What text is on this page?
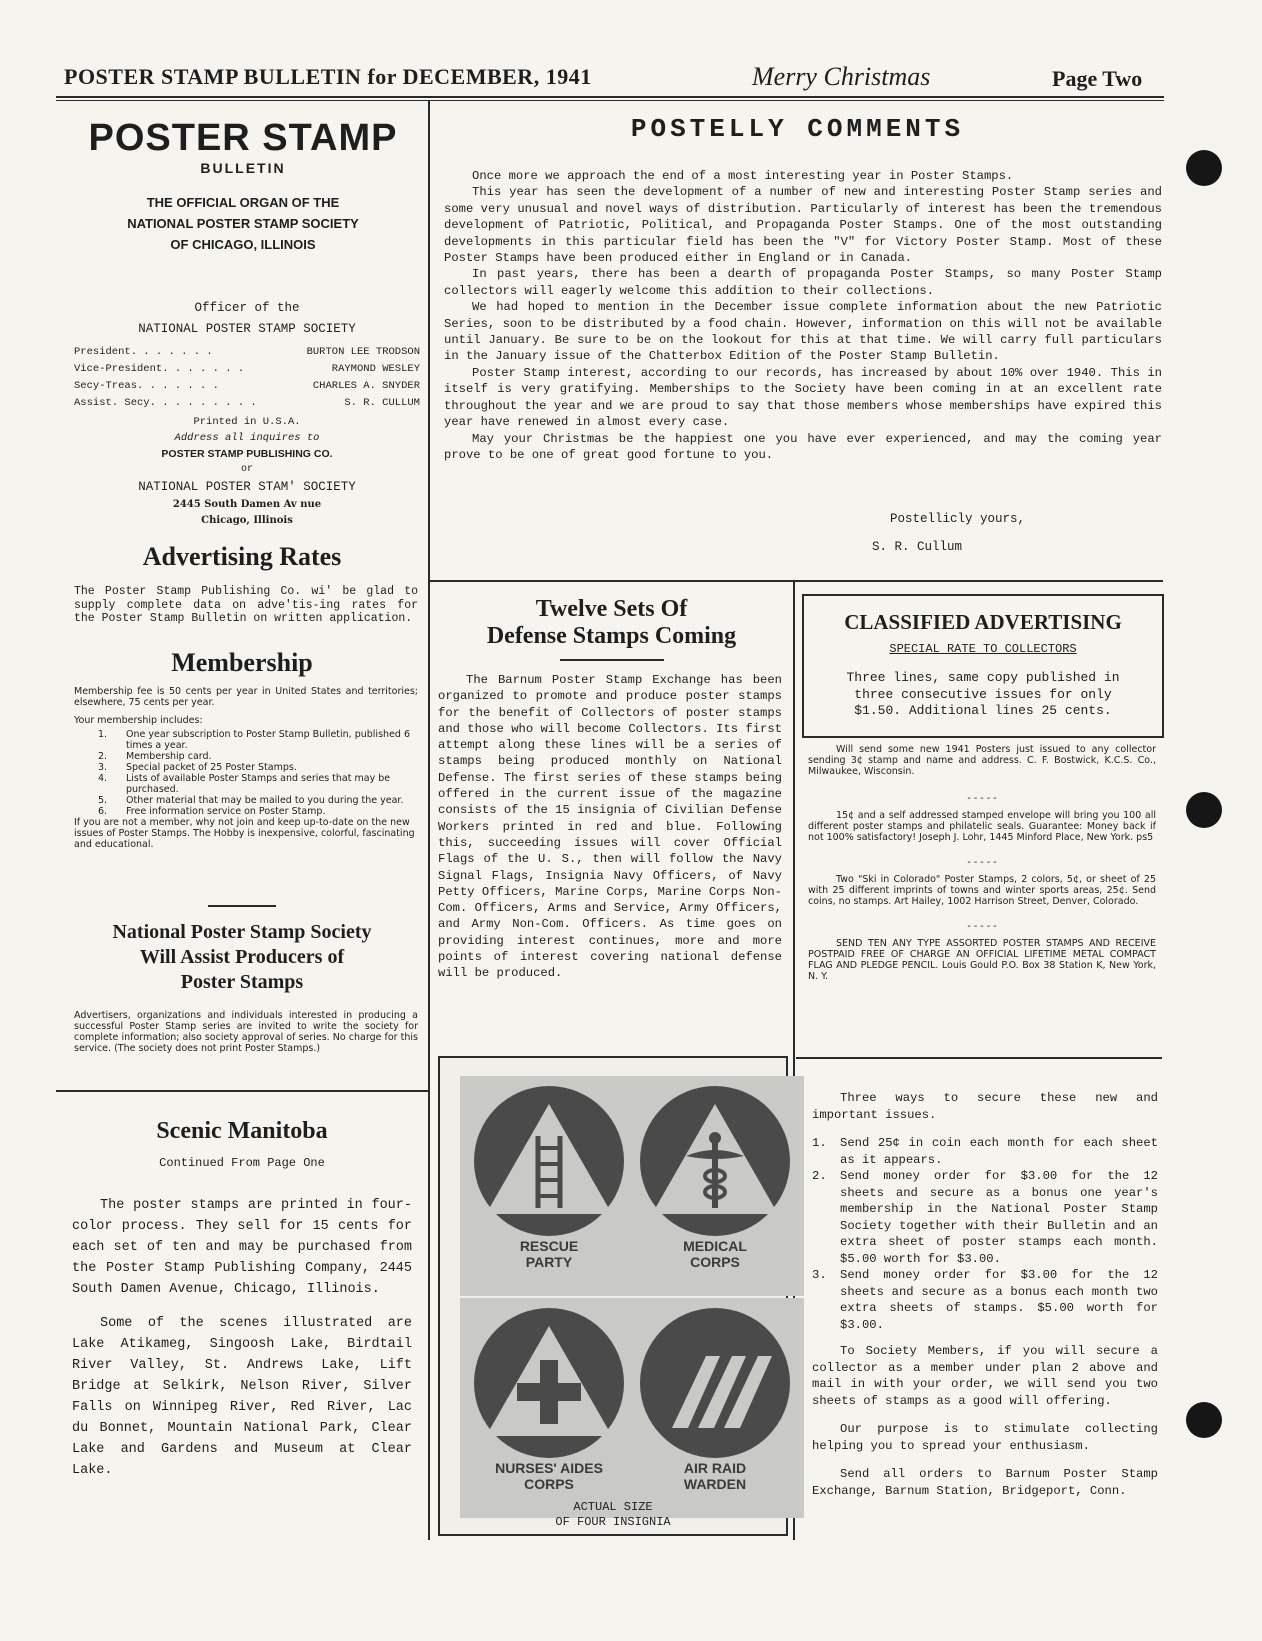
POSTER STAMP BULLETIN for DECEMBER, 1941	Merry Christmas	Page Two
POSTER STAMP
BULLETIN
THE OFFICIAL ORGAN OF THE
NATIONAL POSTER STAMP SOCIETY
OF CHICAGO, ILLINOIS
Officer of the
NATIONAL POSTER STAMP SOCIETY
President. . . . . . .	BURTON LEE TRODSON
Vice-President. . . . . . .	RAYMOND WESLEY
Secy-Treas. . . . . . .	CHARLES A. SNYDER
Assist. Secy. . . . . . . . .	S. R. CULLUM
Printed in U.S.A.
Address all inquires to
POSTER STAMP PUBLISHING CO.
or
NATIONAL POSTER STAM' SOCIETY
2445 South Damen Av nue
Chicago, Illinois
Advertising Rates
The Poster Stamp Publishing Co. wi' be glad to supply complete data on adve'tis-ing rates for the Poster Stamp Bulletin on written application.
Membership

Membership fee is 50 cents per year in United States and territories; elsewhere, 75 cents per year.

Your membership includes:

1.	One year subscription to Poster Stamp Bulletin, published 6 times a year.
2.	Membership card.
3.	Special packet of 25 Poster Stamps.
4.	Lists of available Poster Stamps and series that may be purchased.
5.	Other material that may be mailed to you during the year.
6.	Free information service on Poster Stamp.

If you are not a member, why not join and keep up-to-date on the new issues of Poster Stamps. The Hobby is inexpensive, colorful, fascinating and educational.

National Poster Stamp Society
Will Assist Producers of
Poster Stamps
Advertisers, organizations and individuals interested in producing a successful Poster Stamp series are invited to write the society for complete information; also society approval of series. No charge for this service. (The society does not print Poster Stamps.)
Scenic Manitoba
Continued From Page One

The poster stamps are printed in four-color process. They sell for 15 cents for each set of ten and may be purchased from the Poster Stamp Publishing Company, 2445 South Damen Avenue, Chicago, Illinois.

Some of the scenes illustrated are Lake Atikameg, Singoosh Lake, Birdtail River Valley, St. Andrews Lake, Lift Bridge at Selkirk, Nelson River, Silver Falls on Winnipeg River, Red River, Lac du Bonnet, Mountain National Park, Clear Lake and Gardens and Museum at Clear Lake.

POSTELLY COMMENTS

Once more we approach the end of a most interesting year in Poster Stamps.

This year has seen the development of a number of new and interesting Poster Stamp series and some very unusual and novel ways of distribution. Particularly of interest has been the tremendous development of Patriotic, Political, and Propaganda Poster Stamps. One of the most outstanding developments in this particular field has been the "V" for Victory Poster Stamp. Most of these Poster Stamps have been produced either in England or in Canada.

In past years, there has been a dearth of propaganda Poster Stamps, so many Poster Stamp collectors will eagerly welcome this addition to their collections.

We had hoped to mention in the December issue complete information about the new Patriotic Series, soon to be distributed by a food chain. However, information on this will not be available until January. Be sure to be on the lookout for this at that time. We will carry full particulars in the January issue of the Chatterbox Edition of the Poster Stamp Bulletin.

Poster Stamp interest, according to our records, has increased by about 10% over 1940. This in itself is very gratifying. Memberships to the Society have been coming in at an excellent rate throughout the year and we are proud to say that those members whose memberships have expired this year have renewed in almost every case.

May your Christmas be the happiest one you have ever experienced, and may the coming year prove to be one of great good fortune to you.

Postellicly yours,
S. R. Cullum
Twelve Sets Of
Defense Stamps Coming
The Barnum Poster Stamp Exchange has been organized to promote and produce poster stamps for the benefit of Collectors of poster stamps and those who will become Collectors. Its first attempt along these lines will be a series of stamps being produced monthly on National Defense. The first series of these stamps being offered in the current issue of the magazine consists of the 15 insignia of Civilian Defense Workers printed in red and blue. Following this, succeeding issues will cover Official Flags of the U. S., then will follow the Navy Signal Flags, Insignia Navy Officers, of Navy Petty Officers, Marine Corps, Marine Corps Non-Com. Officers, Arms and Service, Army Officers, and Army Non-Com. Officers. As time goes on providing interest continues, more and more points of interest covering national defense will be produced.
RESCUE
PARTY
MEDICAL
CORPS
NURSES' AIDES
CORPS
AIR RAID
WARDEN
ACTUAL SIZE
OF FOUR INSIGNIA
CLASSIFIED ADVERTISING
SPECIAL RATE TO COLLECTORS
Three lines, same copy published in three consecutive issues for only $1.50. Additional lines 25 cents.

Will send some new 1941 Posters just issued to any collector sending 3¢ stamp and name and address. C. F. Bostwick, K.C.S. Co., Milwaukee, Wisconsin.

- - - - -

15¢ and a self addressed stamped envelope will bring you 100 all different poster stamps and philatelic seals. Guarantee: Money back if not 100% satisfactory! Joseph J. Lohr, 1445 Minford Place, New York. ps5

- - - - -

Two "Ski in Colorado" Poster Stamps, 2 colors, 5¢, or sheet of 25 with 25 different imprints of towns and winter sports areas, 25¢. Send coins, no stamps. Art Hailey, 1002 Harrison Street, Denver, Colorado.

- - - - -

SEND TEN ANY TYPE ASSORTED POSTER STAMPS AND RECEIVE POSTPAID FREE OF CHARGE AN OFFICIAL LIFETIME METAL COMPACT FLAG AND PLEDGE PENCIL. Louis Gould P.O. Box 38 Station K, New York, N. Y.

Three ways to secure these new and important issues.

1.	Send 25¢ in coin each month for each sheet as it appears.
2.	Send money order for $3.00 for the 12 sheets and secure as a bonus one year's membership in the National Poster Stamp Society together with their Bulletin and an extra sheet of poster stamps each month. $5.00 worth for $3.00.
3.	Send money order for $3.00 for the 12 sheets and secure as a bonus each month two extra sheets of stamps. $5.00 worth for $3.00.

To Society Members, if you will secure a collector as a member under plan 2 above and mail in with your order, we will send you two sheets of stamps as a good will offering.

Our purpose is to stimulate collecting helping you to spread your enthusiasm.

Send all orders to Barnum Poster Stamp Exchange, Barnum Station, Bridgeport, Conn.
